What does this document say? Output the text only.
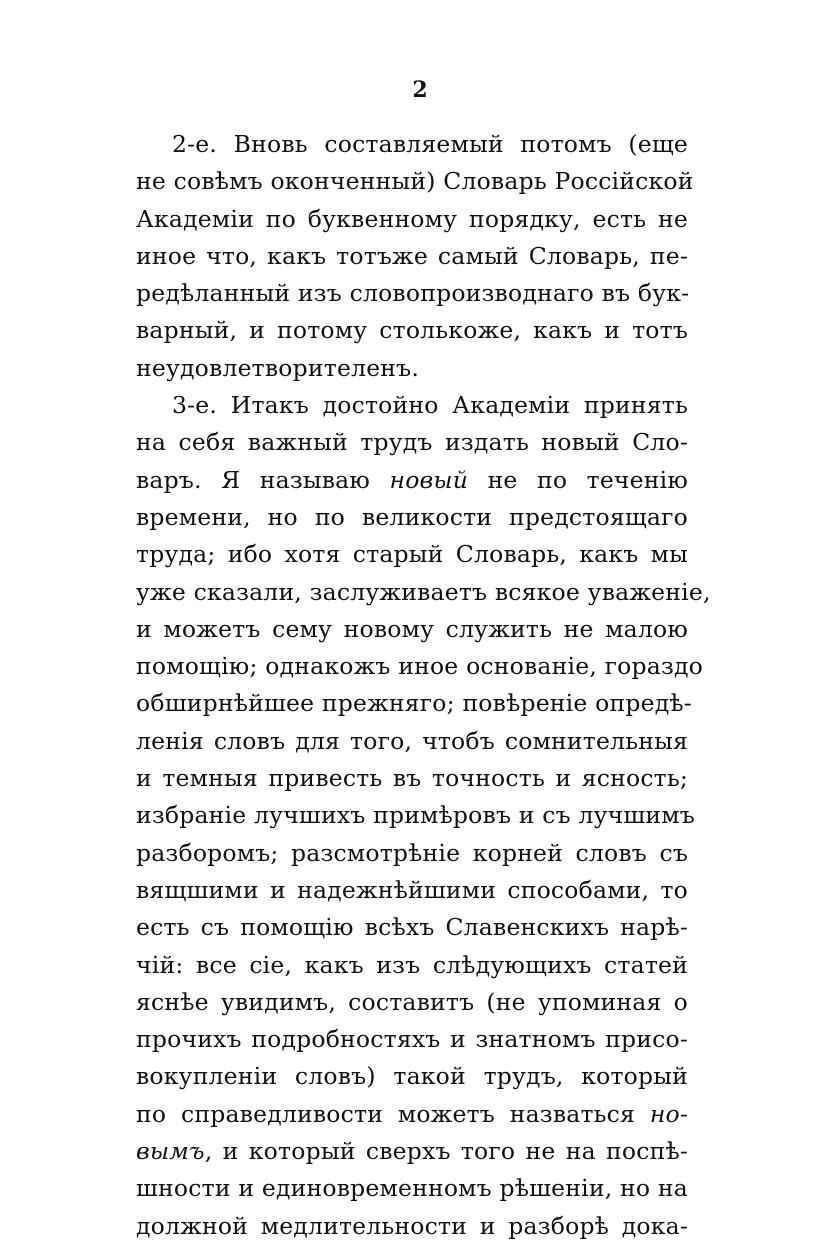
2
2-е. Вновь составляемый потомъ (еще
не совѣмъ оконченный) Словарь Россійской
Академіи по буквенному порядку, есть не
иное что, какъ тотъже самый Словарь, пе-
редѣланный изъ словопроизводнаго въ бук-
варный, и потому столькоже, какъ и тотъ
неудовлетворителенъ.
3-е. Итакъ достойно Академіи принять
на себя важный трудъ издать новый Сло-
варъ. Я называю новый не по теченію
времени, но по великости предстоящаго
труда; ибо хотя старый Словарь, какъ мы
уже сказали, заслуживаетъ всякое уваженіе,
и можетъ сему новому служить не малою
помощію; однакожъ иное основаніе, гораздо
обширнѣйшее прежняго; повѣреніе опредѣ-
ленія словъ для того, чтобъ сомнительныя
и темныя привесть въ точность и ясность;
избраніе лучшихъ примѣровъ и съ лучшимъ
разборомъ; разсмотрѣніе корней словъ съ
вящшими и надежнѣйшими способами, то
есть съ помощію всѣхъ Славенскихъ нарѣ-
чій: все сіе, какъ изъ слѣдующихъ статей
яснѣе увидимъ, составитъ (не упоминая о
прочихъ подробностяхъ и знатномъ присо-
вокупленіи словъ) такой трудъ, который
по справедливости можетъ назваться но-
вымъ, и который сверхъ того не на поспѣ-
шности и единовременномъ рѣшеніи, но на
должной медлительности и разборѣ дока-
